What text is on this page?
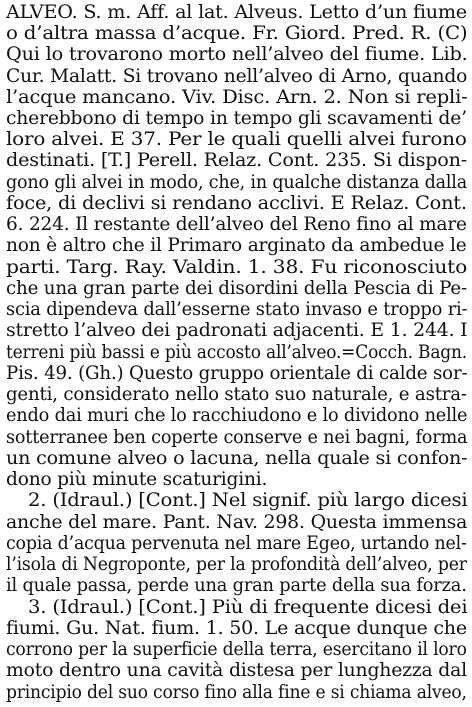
ALVEO. S. m. Aff. al lat. Alveus. Letto d’un fiume
o d’altra massa d’acque. Fr. Giord. Pred. R. (C)
Qui lo trovarono morto nell’alveo del fiume. Lib.
Cur. Malatt. Si trovano nell’alveo di Arno, quando
l’acque mancano. Viv. Disc. Arn. 2. Non si repli-
cherebbono di tempo in tempo gli scavamenti de’
loro alvei. E 37. Per le quali quelli alvei furono
destinati. [T.] Perell. Relaz. Cont. 235. Si dispon-
gono gli alvei in modo, che, in qualche distanza dalla
foce, di declivi si rendano acclivi. E Relaz. Cont.
6. 224. Il restante dell’alveo del Reno fino al mare
non è altro che il Primaro arginato da ambedue le
parti. Targ. Ray. Valdin. 1. 38. Fu riconosciuto
che una gran parte dei disordini della Pescia di Pe-
scia dipendeva dall’esserne stato invaso e troppo ri-
stretto l’alveo dei padronati adjacenti. E 1. 244. I
terreni più bassi e più accosto all’alveo.=Cocch. Bagn.
Pis. 49. (Gh.) Questo gruppo orientale di calde sor-
genti, considerato nello stato suo naturale, e astra-
endo dai muri che lo racchiudono e lo dividono nelle
sotterranee ben coperte conserve e nei bagni, forma
un comune alveo o lacuna, nella quale si confon-
dono più minute scaturigini.
2. (Idraul.) [Cont.] Nel signif. più largo dicesi
anche del mare. Pant. Nav. 298. Questa immensa
copia d’acqua pervenuta nel mare Egeo, urtando nel-
l’isola di Negroponte, per la profondità dell’alveo, per
il quale passa, perde una gran parte della sua forza.
3. (Idraul.) [Cont.] Più di frequente dicesi dei
fiumi. Gu. Nat. fium. 1. 50. Le acque dunque che
corrono per la superficie della terra, esercitano il loro
moto dentro una cavità distesa per lunghezza dal
principio del suo corso fino alla fine e si chiama alveo,
